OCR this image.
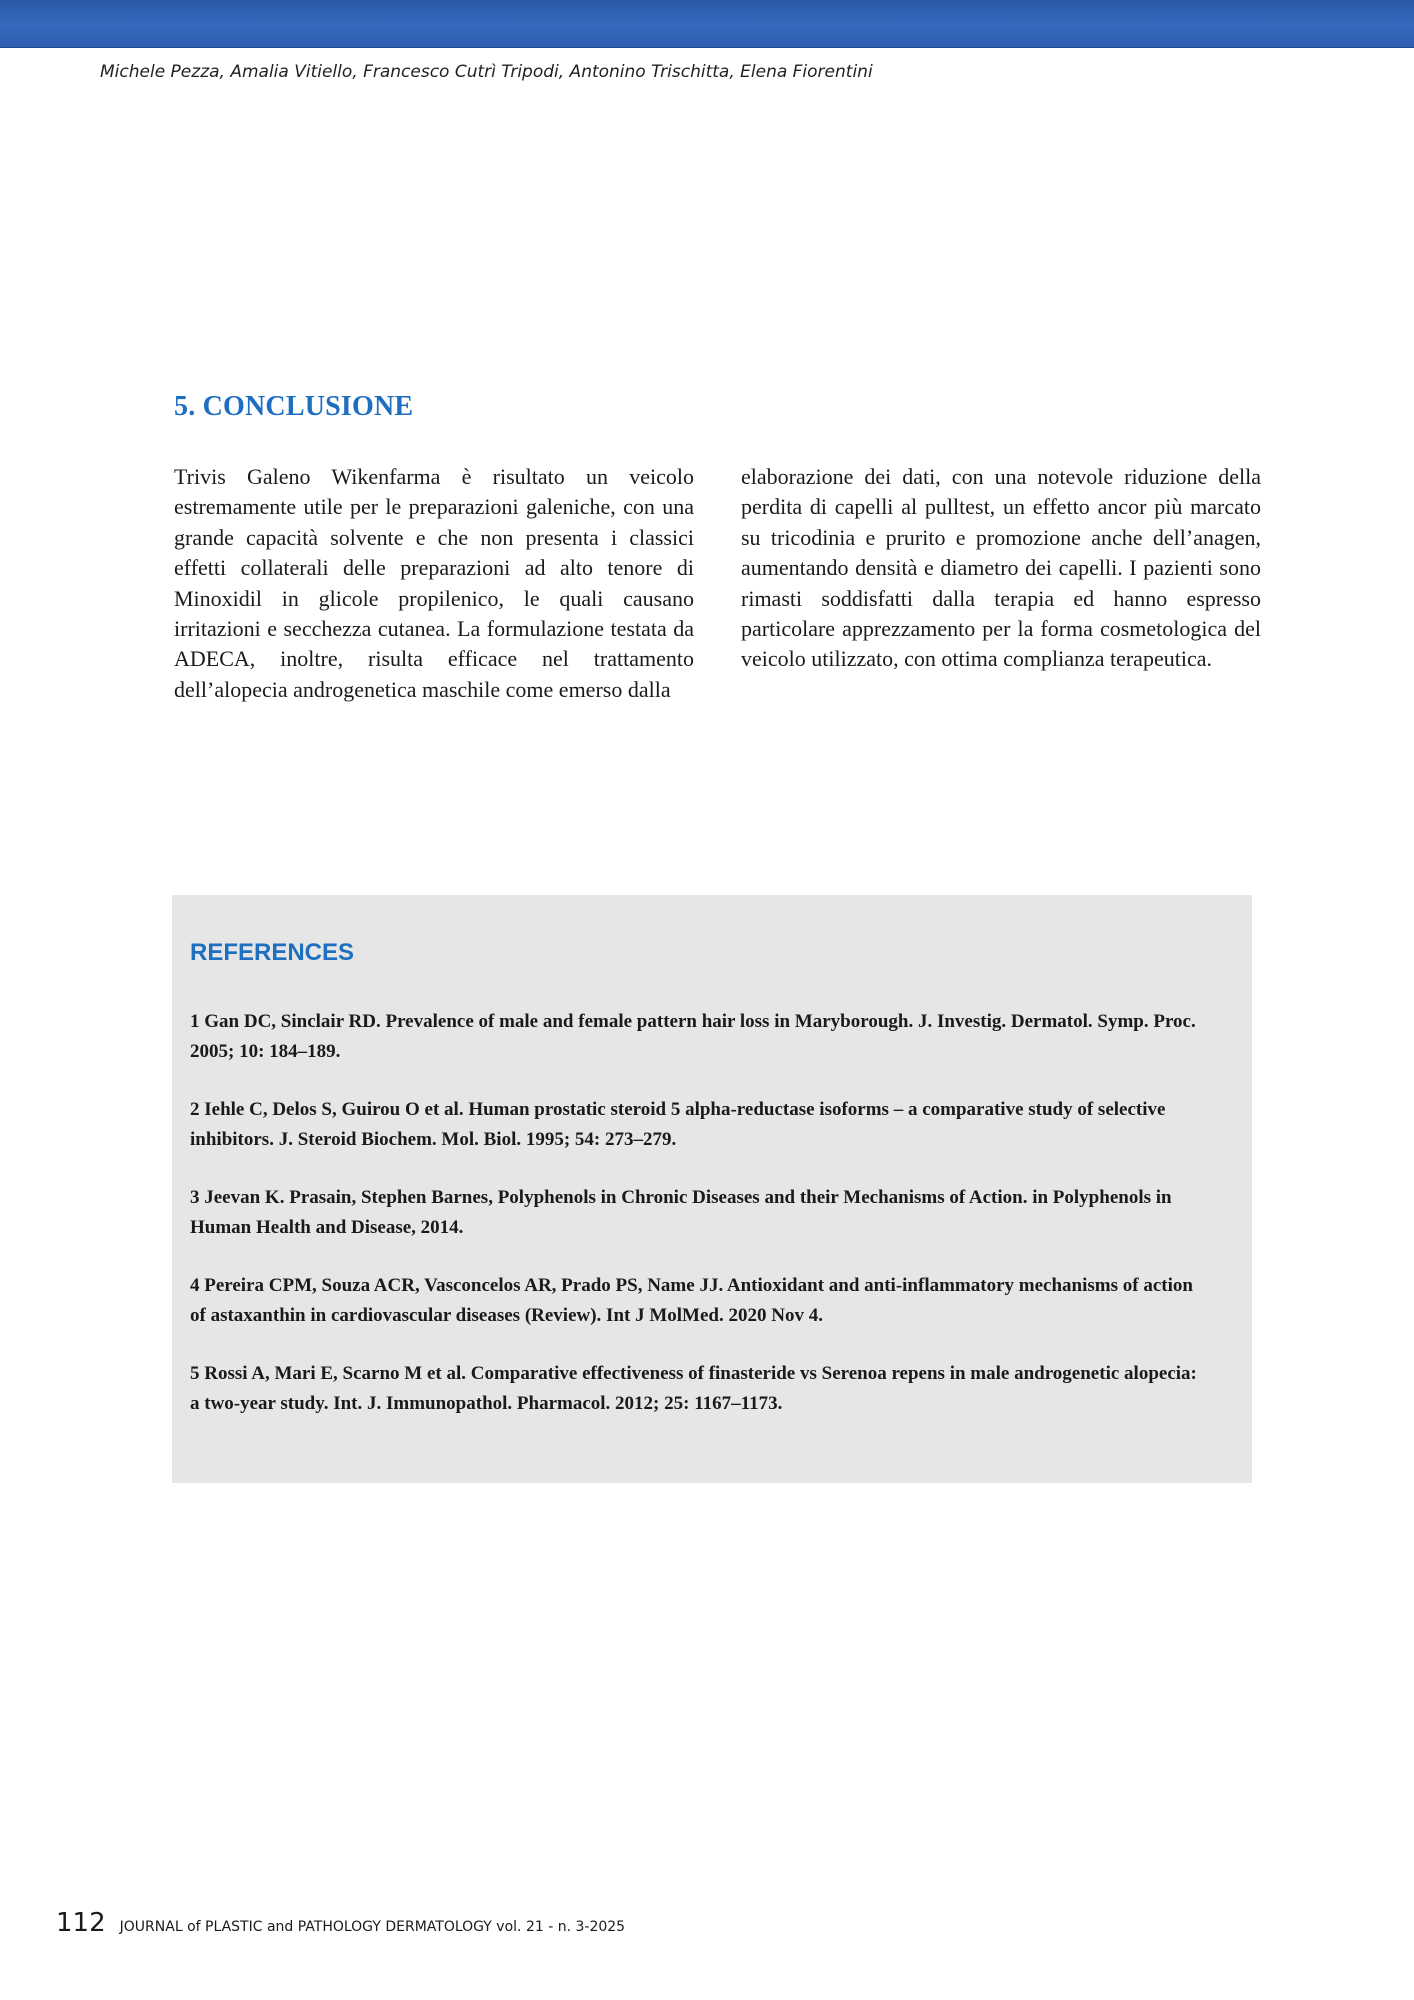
Michele Pezza, Amalia Vitiello, Francesco Cutrì Tripodi, Antonino Trischitta, Elena Fiorentini
5. CONCLUSIONE

Trivis Galeno Wikenfarma è risultato un veicolo estremamente utile per le preparazioni galeniche, con una grande capacità solvente e che non presenta i classici effetti collaterali delle preparazioni ad alto tenore di Minoxidil in glicole propilenico, le quali causano irritazioni e secchezza cutanea. La formulazione testata da ADECA, inoltre, risulta efficace nel trattamento dell’alopecia androgenetica maschile come emerso dalla

elaborazione dei dati, con una notevole riduzione della perdita di capelli al pulltest, un effetto ancor più marcato su tricodinia e prurito e promozione anche dell’anagen, aumentando densità e diametro dei capelli. I pazienti sono rimasti soddisfatti dalla terapia ed hanno espresso particolare apprezzamento per la forma cosmetologica del veicolo utilizzato, con ottima complianza terapeutica.

REFERENCES
1 Gan DC, Sinclair RD. Prevalence of male and female pattern hair loss in Maryborough. J. Investig. Dermatol. Symp. Proc. 2005; 10: 184–189.
2 Iehle C, Delos S, Guirou O et al. Human prostatic steroid 5 alpha-reductase isoforms – a comparative study of selective inhibitors. J. Steroid Biochem. Mol. Biol. 1995; 54: 273–279.
3 Jeevan K. Prasain, Stephen Barnes, Polyphenols in Chronic Diseases and their Mechanisms of Action. in Polyphenols in Human Health and Disease, 2014.
4 Pereira CPM, Souza ACR, Vasconcelos AR, Prado PS, Name JJ. Antioxidant and anti-inflammatory mechanisms of action of astaxanthin in cardiovascular diseases (Review). Int J MolMed. 2020 Nov 4.
5 Rossi A, Mari E, Scarno M et al. Comparative effectiveness of finasteride vs Serenoa repens in male androgenetic alopecia: a two-year study. Int. J. Immunopathol. Pharmacol. 2012; 25: 1167–1173.
112 JOURNAL of PLASTIC and PATHOLOGY DERMATOLOGY vol. 21 - n. 3-2025
